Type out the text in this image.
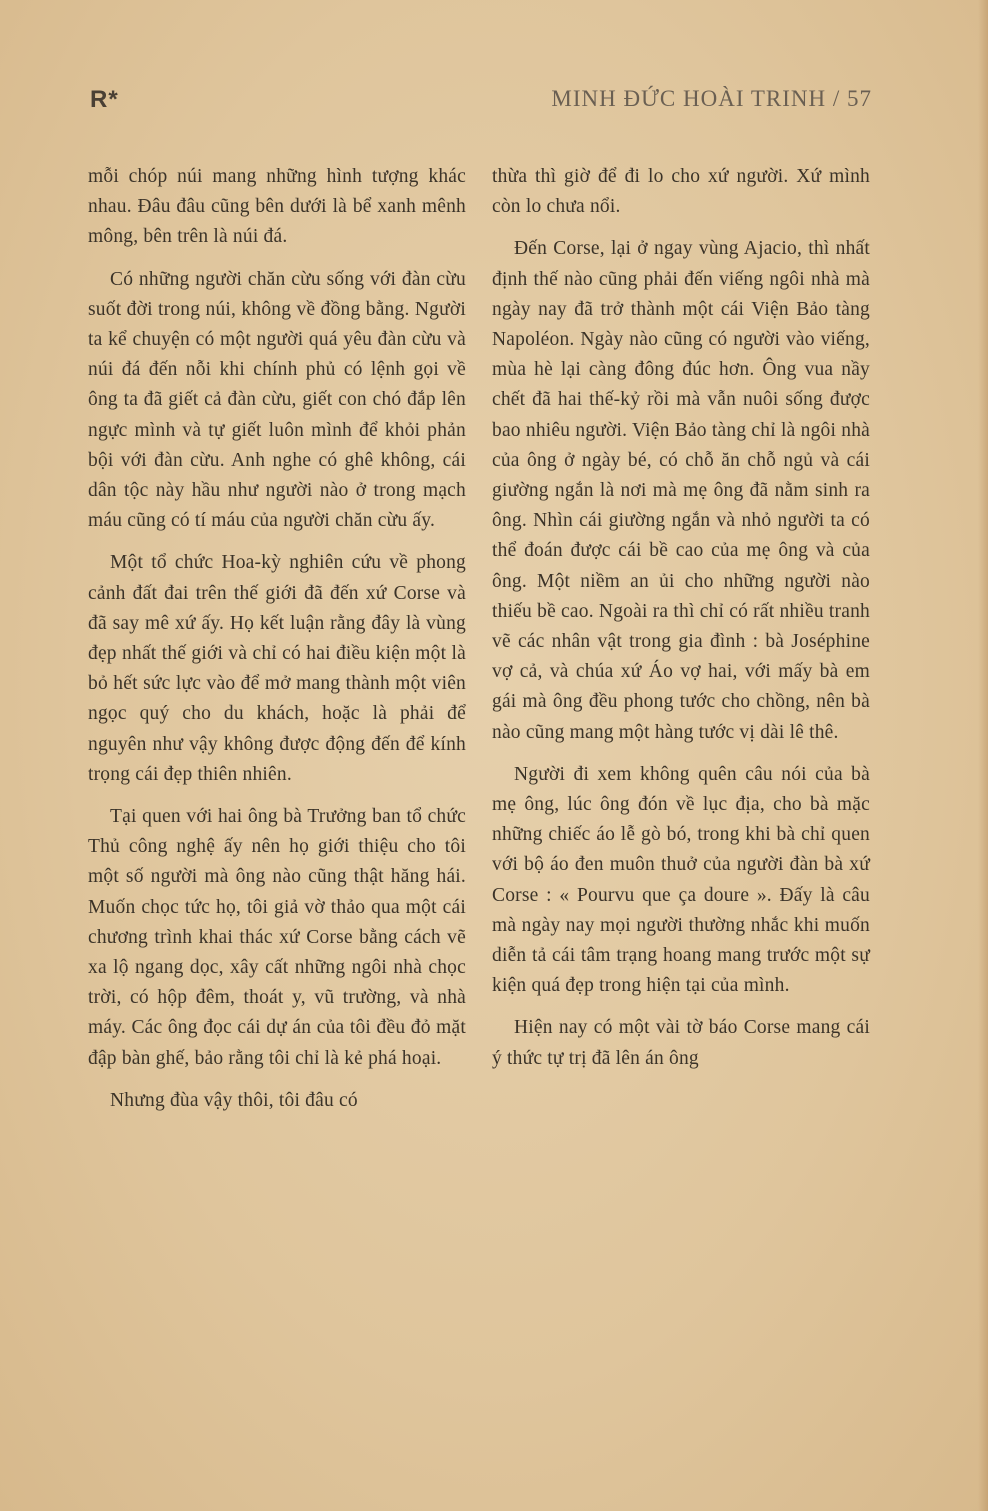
R*	MINH ĐỨC HOÀI TRINH / 57

mỗi chóp núi mang những hình tượng khác nhau. Đâu đâu cũng bên dưới là bể xanh mênh mông, bên trên là núi đá.

Có những người chăn cừu sống với đàn cừu suốt đời trong núi, không về đồng bằng. Người ta kể chuyện có một người quá yêu đàn cừu và núi đá đến nỗi khi chính phủ có lệnh gọi về ông ta đã giết cả đàn cừu, giết con chó đắp lên ngực mình và tự giết luôn mình để khỏi phản bội với đàn cừu. Anh nghe có ghê không, cái dân tộc này hầu như người nào ở trong mạch máu cũng có tí máu của người chăn cừu ấy.

Một tổ chức Hoa-kỳ nghiên cứu về phong cảnh đất đai trên thế giới đã đến xứ Corse và đã say mê xứ ấy. Họ kết luận rằng đây là vùng đẹp nhất thế giới và chỉ có hai điều kiện một là bỏ hết sức lực vào để mở mang thành một viên ngọc quý cho du khách, hoặc là phải để nguyên như vậy không được động đến để kính trọng cái đẹp thiên nhiên.

Tại quen với hai ông bà Trưởng ban tổ chức Thủ công nghệ ấy nên họ giới thiệu cho tôi một số người mà ông nào cũng thật hăng hái. Muốn chọc tức họ, tôi giả vờ thảo qua một cái chương trình khai thác xứ Corse bằng cách vẽ xa lộ ngang dọc, xây cất những ngôi nhà chọc trời, có hộp đêm, thoát y, vũ trường, và nhà máy. Các ông đọc cái dự án của tôi đều đỏ mặt đập bàn ghế, bảo rằng tôi chỉ là kẻ phá hoại.

Nhưng đùa vậy thôi, tôi đâu có

thừa thì giờ để đi lo cho xứ người. Xứ mình còn lo chưa nổi.

Đến Corse, lại ở ngay vùng Ajacio, thì nhất định thế nào cũng phải đến viếng ngôi nhà mà ngày nay đã trở thành một cái Viện Bảo tàng Napoléon. Ngày nào cũng có người vào viếng, mùa hè lại càng đông đúc hơn. Ông vua nầy chết đã hai thế-kỷ rồi mà vẫn nuôi sống được bao nhiêu người. Viện Bảo tàng chỉ là ngôi nhà của ông ở ngày bé, có chỗ ăn chỗ ngủ và cái giường ngắn là nơi mà mẹ ông đã nằm sinh ra ông. Nhìn cái giường ngắn và nhỏ người ta có thể đoán được cái bề cao của mẹ ông và của ông. Một niềm an ủi cho những người nào thiếu bề cao. Ngoài ra thì chỉ có rất nhiều tranh vẽ các nhân vật trong gia đình : bà Joséphine vợ cả, và chúa xứ Áo vợ hai, với mấy bà em gái mà ông đều phong tước cho chồng, nên bà nào cũng mang một hàng tước vị dài lê thê.

Người đi xem không quên câu nói của bà mẹ ông, lúc ông đón về lục địa, cho bà mặc những chiếc áo lễ gò bó, trong khi bà chỉ quen với bộ áo đen muôn thuở của người đàn bà xứ Corse : « Pourvu que ça doure ». Đấy là câu mà ngày nay mọi người thường nhắc khi muốn diễn tả cái tâm trạng hoang mang trước một sự kiện quá đẹp trong hiện tại của mình.

Hiện nay có một vài tờ báo Corse mang cái ý thức tự trị đã lên án ông
